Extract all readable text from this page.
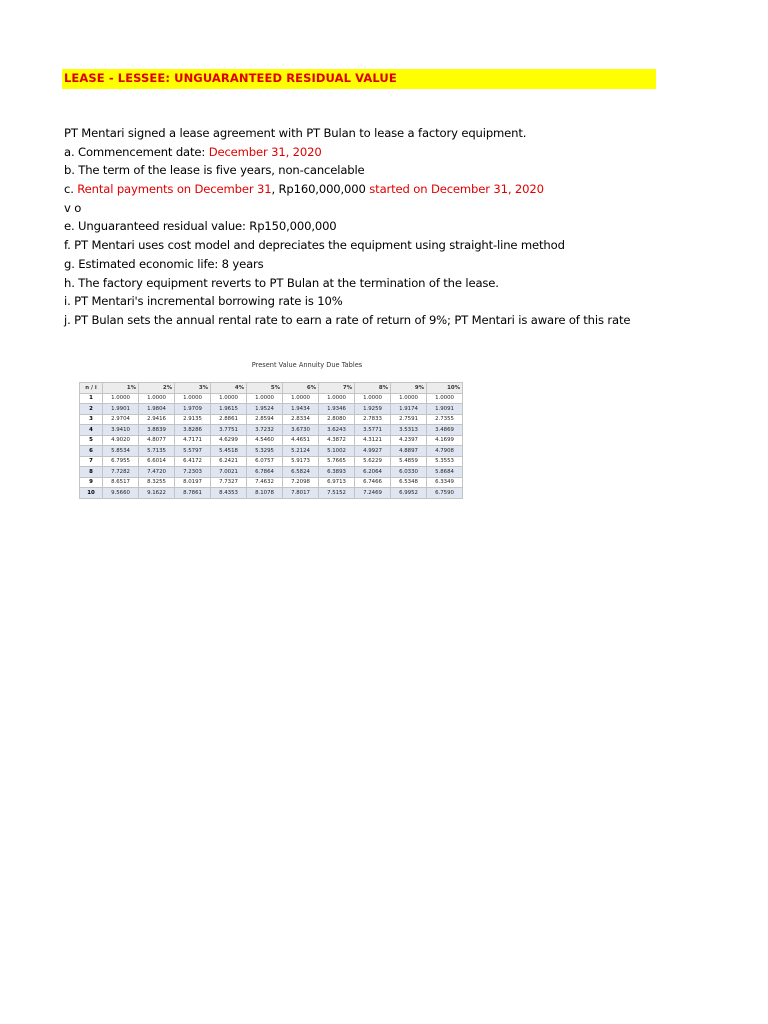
LEASE - LESSEE: UNGUARANTEED RESIDUAL VALUE
PT Mentari signed a lease agreement with PT Bulan to lease a factory equipment.
a. Commencement date: December 31, 2020
b. The term of the lease is five years, non-cancelable
c. Rental payments on December 31, Rp160,000,000 started on December 31, 2020
v o
e. Unguaranteed residual value: Rp150,000,000
f. PT Mentari uses cost model and depreciates the equipment using straight-line method
g. Estimated economic life: 8 years
h. The factory equipment reverts to PT Bulan at the termination of the lease.
i. PT Mentari's incremental borrowing rate is 10%
j. PT Bulan sets the annual rental rate to earn a rate of return of 9%; PT Mentari is aware of this rate
Present Value Annuity Due Tables
n / i	1%	2%	3%	4%	5%	6%	7%	8%	9%	10%
1	1.0000	1.0000	1.0000	1.0000	1.0000	1.0000	1.0000	1.0000	1.0000	1.0000
2	1.9901	1.9804	1.9709	1.9615	1.9524	1.9434	1.9346	1.9259	1.9174	1.9091
3	2.9704	2.9416	2.9135	2.8861	2.8594	2.8334	2.8080	2.7833	2.7591	2.7355
4	3.9410	3.8839	3.8286	3.7751	3.7232	3.6730	3.6243	3.5771	3.5313	3.4869
5	4.9020	4.8077	4.7171	4.6299	4.5460	4.4651	4.3872	4.3121	4.2397	4.1699
6	5.8534	5.7135	5.5797	5.4518	5.3295	5.2124	5.1002	4.9927	4.8897	4.7908
7	6.7955	6.6014	6.4172	6.2421	6.0757	5.9173	5.7665	5.6229	5.4859	5.3553
8	7.7282	7.4720	7.2303	7.0021	6.7864	6.5824	6.3893	6.2064	6.0330	5.8684
9	8.6517	8.3255	8.0197	7.7327	7.4632	7.2098	6.9713	6.7466	6.5348	6.3349
10	9.5660	9.1622	8.7861	8.4353	8.1078	7.8017	7.5152	7.2469	6.9952	6.7590
